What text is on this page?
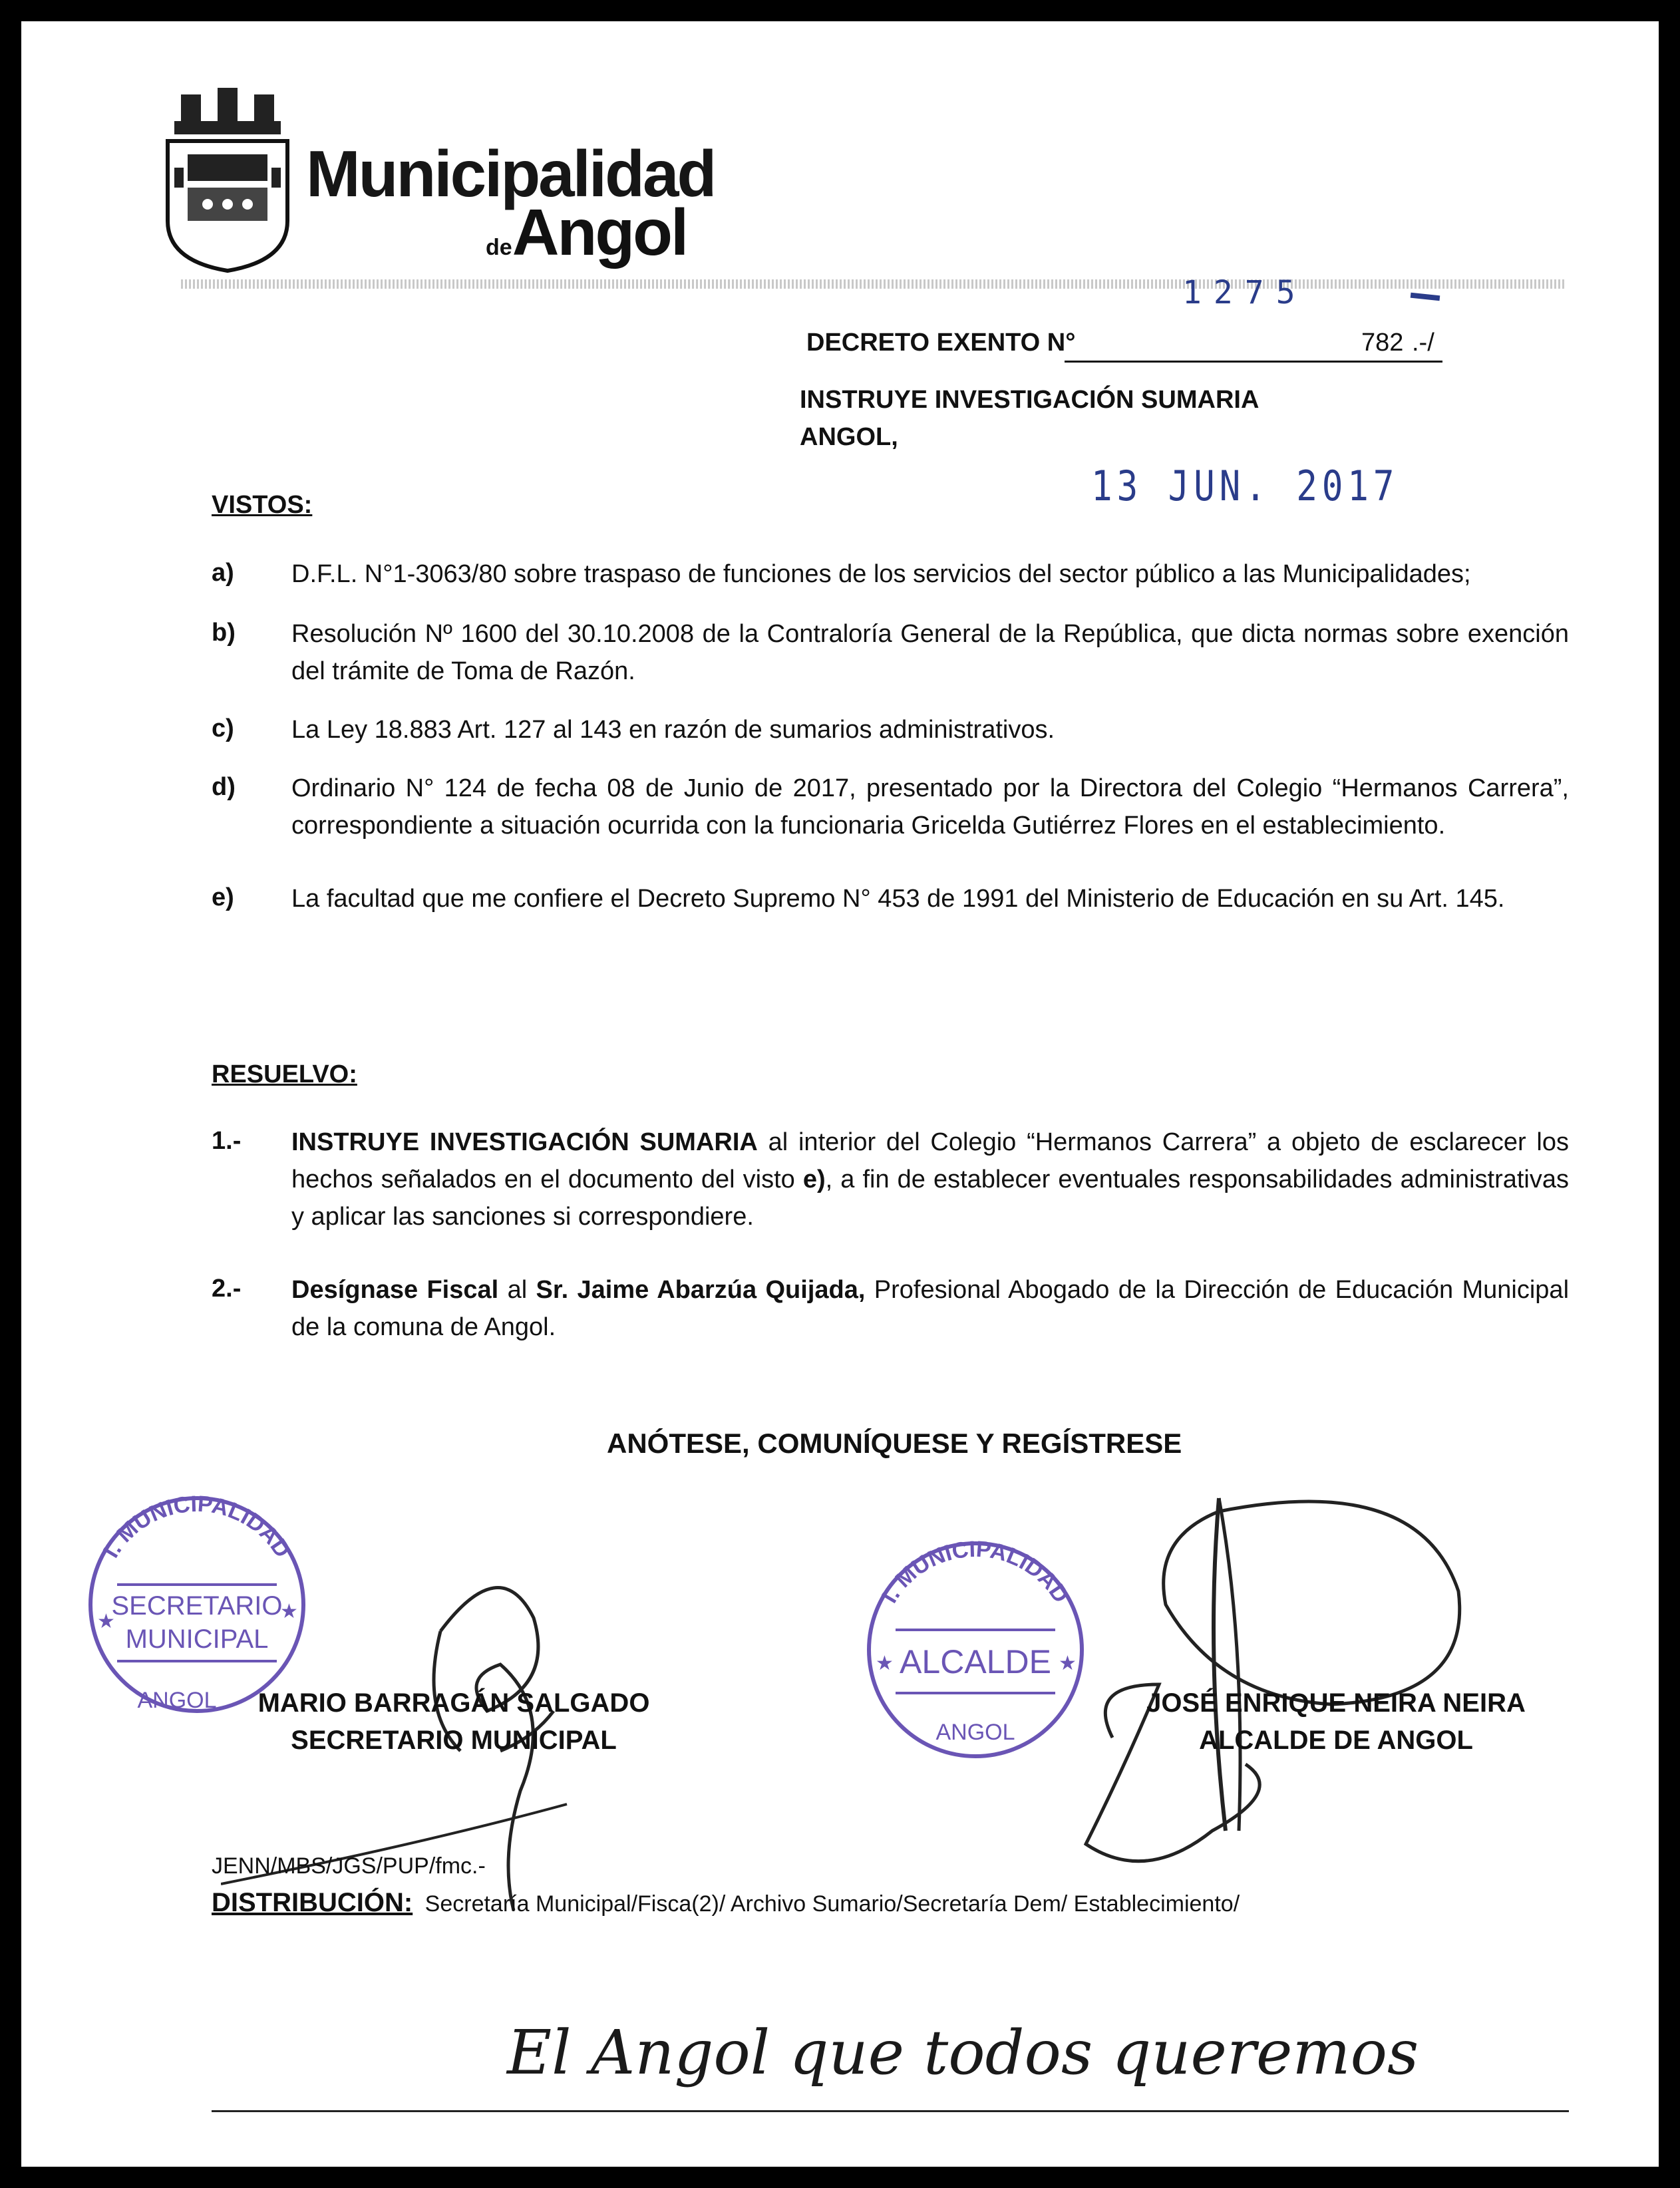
Municipalidad
deAngol
1275
DECRETO EXENTO N°	782 .-/
INSTRUYE INVESTIGACIÓN SUMARIA
ANGOL,
13 JUN. 2017
VISTOS:
a) D.F.L. N°1-3063/80 sobre traspaso de funciones de los servicios del sector público a las Municipalidades;
b) Resolución Nº 1600 del 30.10.2008 de la Contraloría General de la República, que dicta normas sobre exención del trámite de Toma de Razón.
c) La Ley 18.883 Art. 127 al 143 en razón de sumarios administrativos.
d) Ordinario N° 124 de fecha 08 de Junio de 2017, presentado por la Directora del Colegio “Hermanos Carrera”, correspondiente a situación ocurrida con la funcionaria Gricelda Gutiérrez Flores en el establecimiento.
e) La facultad que me confiere el Decreto Supremo N° 453 de 1991 del Ministerio de Educación en su Art. 145.
RESUELVO:
1.- INSTRUYE INVESTIGACIÓN SUMARIA al interior del Colegio “Hermanos Carrera” a objeto de esclarecer los hechos señalados en el documento del visto e), a fin de establecer eventuales responsabilidades administrativas y aplicar las sanciones si correspondiere.
2.- Desígnase Fiscal al Sr. Jaime Abarzúa Quijada, Profesional Abogado de la Dirección de Educación Municipal de la comuna de Angol.
ANÓTESE, COMUNÍQUESE Y REGÍSTRESE
I. MUNICIPALIDAD
SECRETARIO
MUNICIPAL
★	★
ANGOL
I. MUNICIPALIDAD
ALCALDE
★	★
ANGOL
MARIO BARRAGÁN SALGADO
SECRETARIO MUNICIPAL
JOSÉ ENRIQUE NEIRA NEIRA
ALCALDE DE ANGOL
JENN/MBS/JGS/PUP/fmc.-
DISTRIBUCIÓN: Secretaría Municipal/Fisca(2)/ Archivo Sumario/Secretaría Dem/ Establecimiento/
El Angol que todos queremos
